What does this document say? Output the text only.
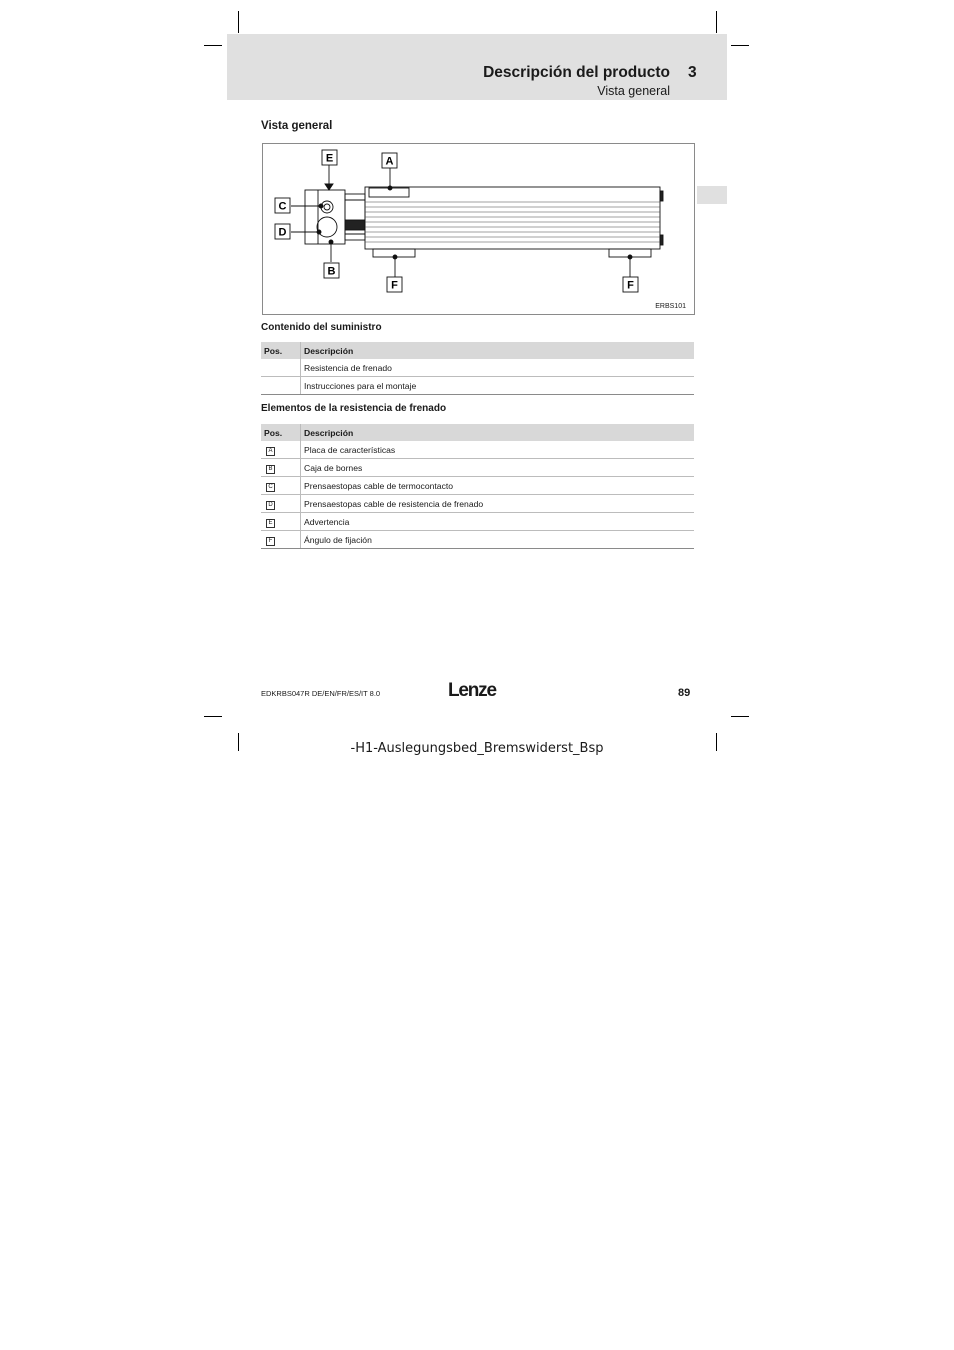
Descripción del producto 3
Vista general
Vista general
A
E
C
D
B
F	F
ERBS101
Contenido del suministro
Pos.	Descripción
	Resistencia de frenado
	Instrucciones para el montaje
Elementos de la resistencia de frenado
Pos.	Descripción
A	Placa de características
B	Caja de bornes
C	Prensaestopas cable de termocontacto
D	Prensaestopas cable de resistencia de frenado
E	Advertencia
F	Ángulo de fijación
EDKRBS047R DE/EN/FR/ES/IT 8.0	Lenze	89
-H1-Auslegungsbed_Bremswiderst_Bsp
